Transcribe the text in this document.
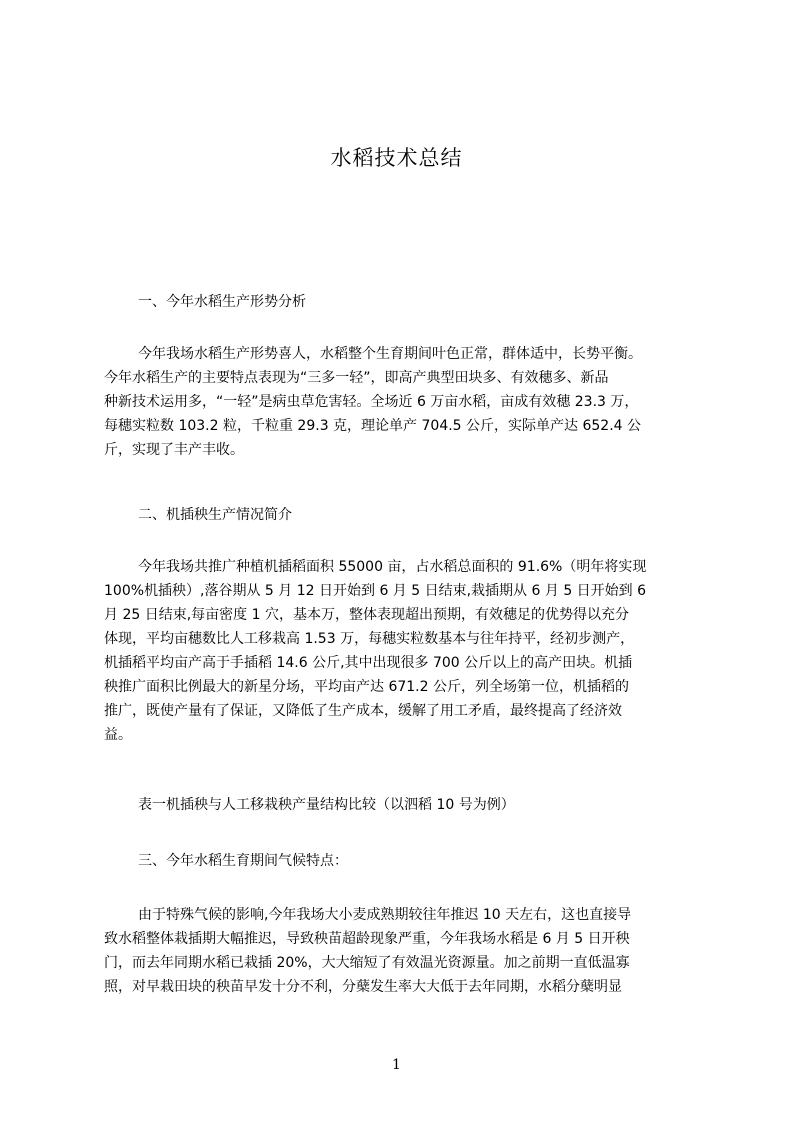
水稻技术总结
一、今年水稻生产形势分析
今年我场水稻生产形势喜人，水稻整个生育期间叶色正常，群体适中，长势平衡。
今年水稻生产的主要特点表现为“三多一轻”，即高产典型田块多、有效穗多、新品
种新技术运用多，“一轻”是病虫草危害轻。全场近 6 万亩水稻，亩成有效穗 23.3 万，
每穗实粒数 103.2 粒，千粒重 29.3 克，理论单产 704.5 公斤，实际单产达 652.4 公
斤，实现了丰产丰收。
二、机插秧生产情况简介
今年我场共推广种植机插稻面积 55000 亩，占水稻总面积的 91.6%（明年将实现
100%机插秧）,落谷期从 5 月 12 日开始到 6 月 5 日结束,栽插期从 6 月 5 日开始到 6
月 25 日结束,每亩密度 1 穴，基本万，整体表现超出预期，有效穗足的优势得以充分
体现，平均亩穗数比人工移栽高 1.53 万，每穗实粒数基本与往年持平，经初步测产，
机插稻平均亩产高于手插稻 14.6 公斤,其中出现很多 700 公斤以上的高产田块。机插
秧推广面积比例最大的新星分场，平均亩产达 671.2 公斤，列全场第一位，机插稻的
推广，既使产量有了保证，又降低了生产成本，缓解了用工矛盾，最终提高了经济效
益。
表一机插秧与人工移栽秧产量结构比较（以泗稻 10 号为例）
三、今年水稻生育期间气候特点：
由于特殊气候的影响,今年我场大小麦成熟期较往年推迟 10 天左右，这也直接导
致水稻整体栽插期大幅推迟，导致秧苗超龄现象严重，今年我场水稻是 6 月 5 日开秧
门，而去年同期水稻已栽插 20%，大大缩短了有效温光资源量。加之前期一直低温寡
照，对早栽田块的秧苗早发十分不利，分蘖发生率大大低于去年同期，水稻分蘖明显
1
